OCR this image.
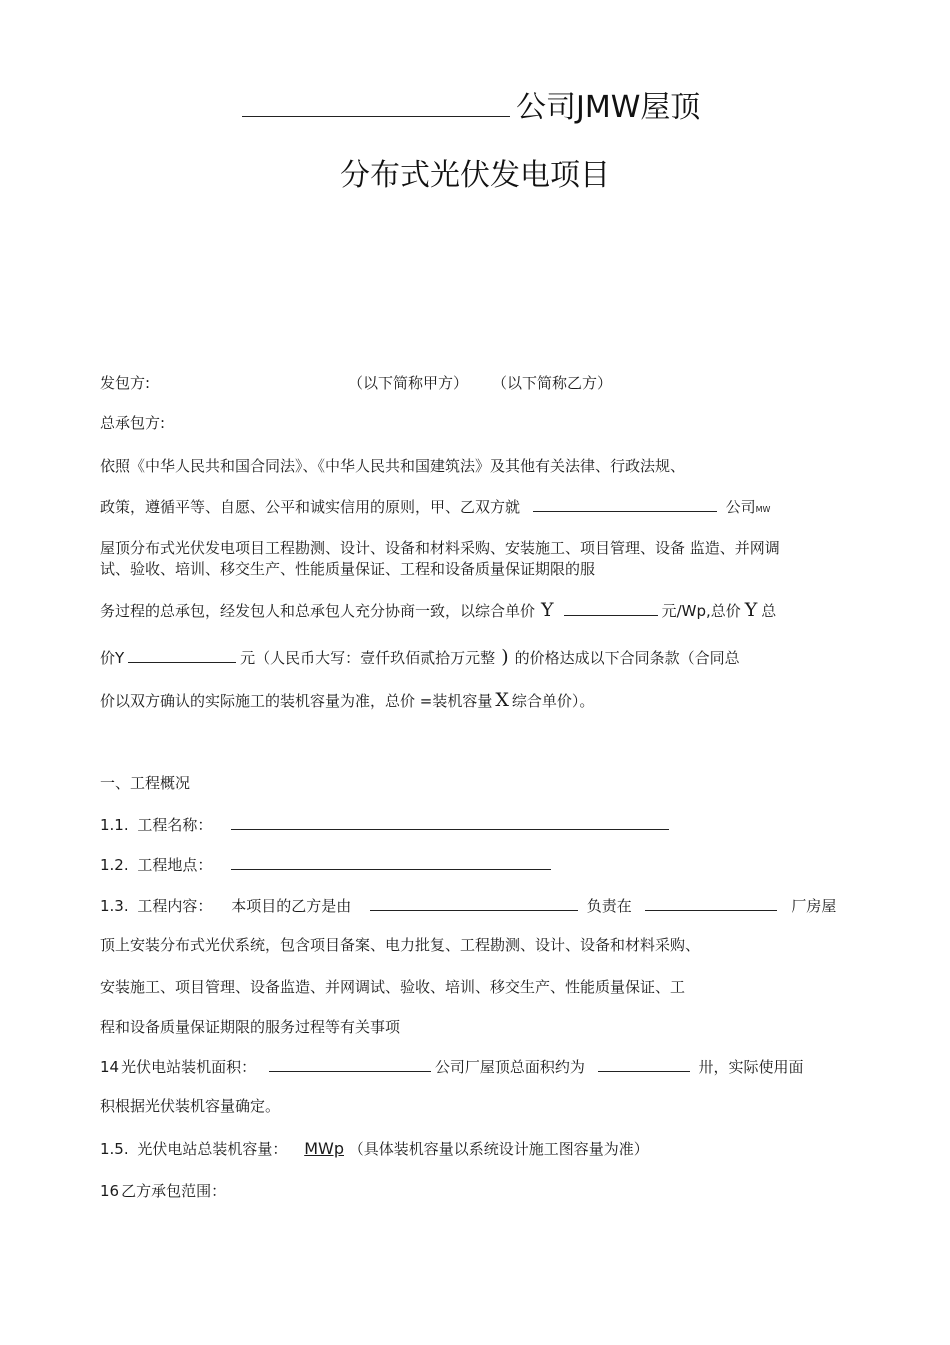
公司JMW屋顶
分布式光伏发电项目
发包方:	（以下简称甲方） （以下简称乙方）
总承包方:
依照《中华人民共和国合同法》、《中华人民共和国建筑法》及其他有关法律、行政法规、
政策，遵循平等、自愿、公平和诚实信用的原则，甲、乙双方就	公司MW
屋顶分布式光伏发电项目工程勘测、设计、设备和材料采购、安装施工、项目管理、设备 监造、并网调
试、验收、培训、移交生产、性能质量保证、工程和设备质量保证期限的服
务过程的总承包，经发包人和总承包人充分协商一致，以综合单价 Y	元/Wp,总价 Y 总
价Y	元（人民币大写：壹仟玖佰贰拾万元整 ) 的价格达成以下合同条款（合同总
价以双方确认的实际施工的装机容量为准，总价 =装机容量 X 综合单价）。
一、工程概况
1.1. 工程名称：
1.2. 工程地点：
1.3. 工程内容： 本项目的乙方是由	负责在	厂房屋
顶上安装分布式光伏系统，包含项目备案、电力批复、工程勘测、设计、设备和材料采购、
安装施工、项目管理、设备监造、并网调试、验收、培训、移交生产、性能质量保证、工
程和设备质量保证期限的服务过程等有关事项
14 光伏电站装机面积：	公司厂屋顶总面积约为	卅，实际使用面
积根据光伏装机容量确定。
1.5. 光伏电站总装机容量： MWp （具体装机容量以系统设计施工图容量为准）
16 乙方承包范围：
